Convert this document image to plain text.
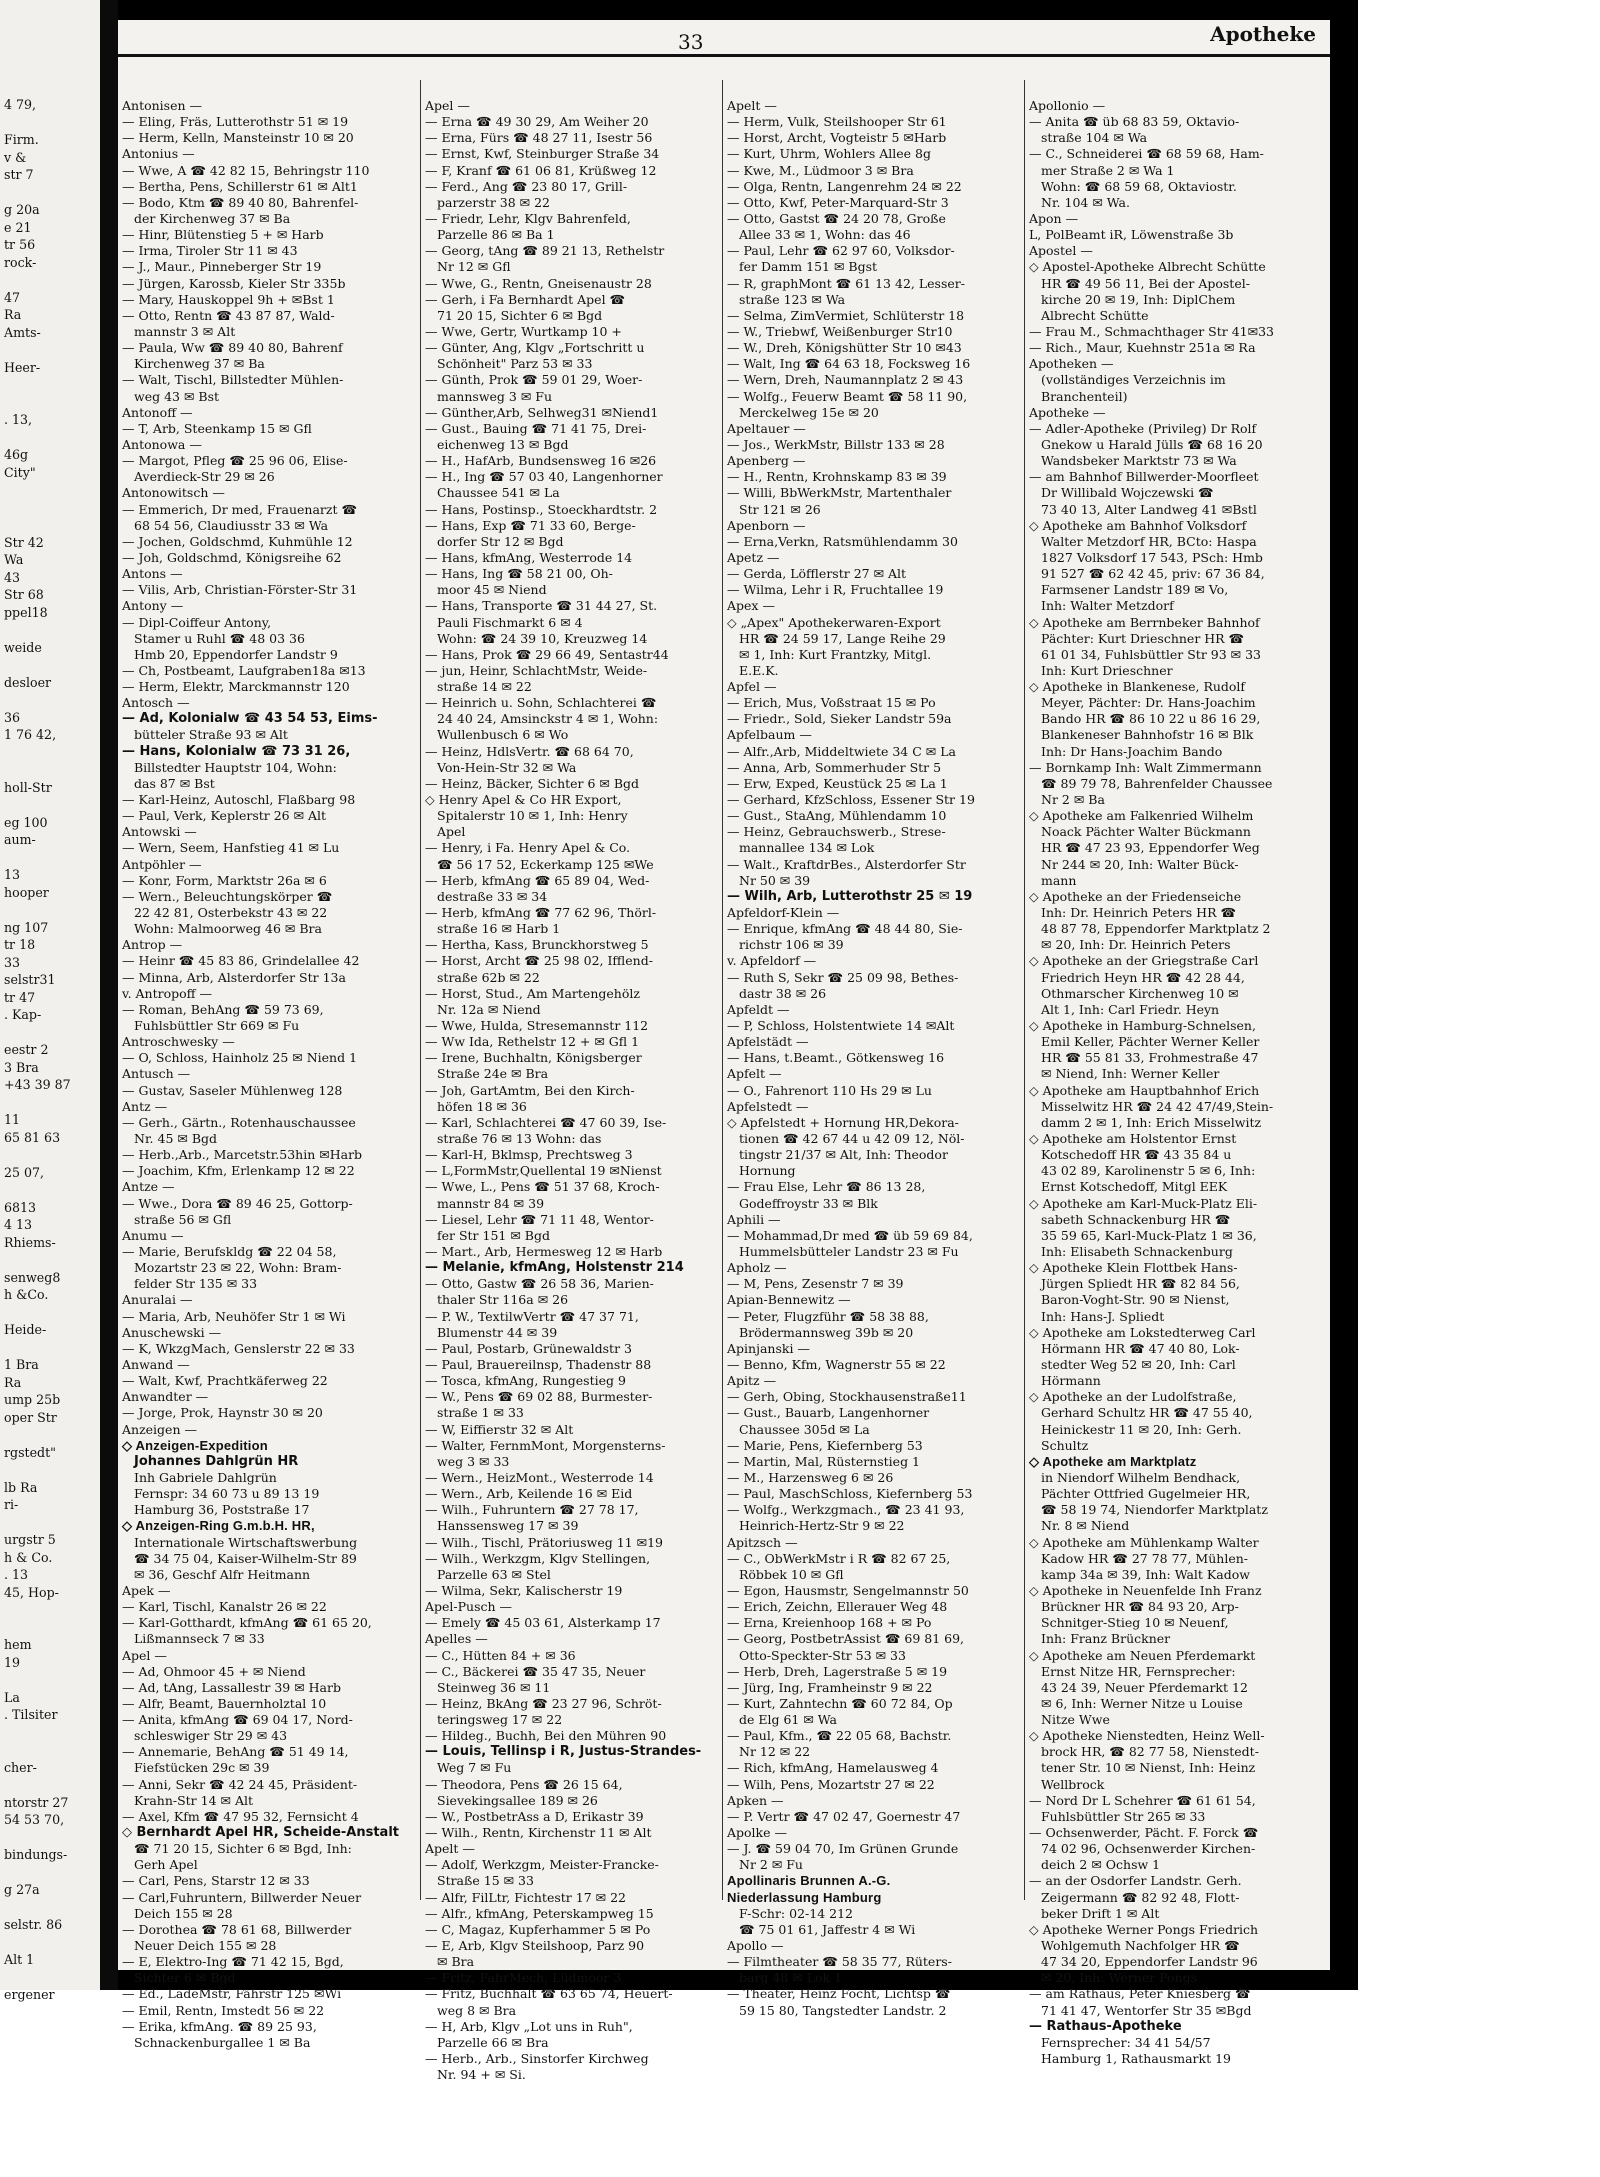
4 79,
Firm.
v &
str 7
g 20a
e 21
tr 56
rock-
47
Ra
Amts-
Heer-
. 13,
46g
City"
Str 42
Wa
43
Str 68
ppel18
weide
desloer
36
1 76 42,
holl-Str
eg 100
aum-
13
hooper
ng 107
tr 18
33
selstr31
tr 47
. Kap-
eestr 2
3 Bra
+43 39 87
11
65 81 63
25 07,
6813
4 13
Rhiems-
senweg8
h &Co.
Heide-
1 Bra
Ra
ump 25b
oper Str
rgstedt"
lb Ra
ri-
urgstr 5
h & Co.
. 13
45, Hop-
hem
19
La
. Tilsiter
cher-
ntorstr 27
54 53 70,
bindungs-
g 27a
selstr. 86
Alt 1
ergener
33	Apotheke
Antonisen —
— Eling, Fräs, Lutterothstr 51 ✉ 19
— Herm, Kelln, Mansteinstr 10 ✉ 20
Antonius —
— Wwe, A ☎ 42 82 15, Behringstr 110
— Bertha, Pens, Schillerstr 61 ✉ Alt1
— Bodo, Ktm ☎ 89 40 80, Bahrenfel-
der Kirchenweg 37 ✉ Ba
— Hinr, Blütenstieg 5 + ✉ Harb
— Irma, Tiroler Str 11 ✉ 43
— J., Maur., Pinneberger Str 19
— Jürgen, Karossb, Kieler Str 335b
— Mary, Hauskoppel 9h + ✉Bst 1
— Otto, Rentn ☎ 43 87 87, Wald-
mannstr 3 ✉ Alt
— Paula, Ww ☎ 89 40 80, Bahrenf
Kirchenweg 37 ✉ Ba
— Walt, Tischl, Billstedter Mühlen-
weg 43 ✉ Bst
Antonoff —
— T, Arb, Steenkamp 15 ✉ Gfl
Antonowa —
— Margot, Pfleg ☎ 25 96 06, Elise-
Averdieck-Str 29 ✉ 26
Antonowitsch —
— Emmerich, Dr med, Frauenarzt ☎
68 54 56, Claudiusstr 33 ✉ Wa
— Jochen, Goldschmd, Kuhmühle 12
— Joh, Goldschmd, Königsreihe 62
Antons —
— Vilis, Arb, Christian-Förster-Str 31
Antony —
— Dipl-Coiffeur Antony,
Stamer u Ruhl ☎ 48 03 36
Hmb 20, Eppendorfer Landstr 9
— Ch, Postbeamt, Laufgraben18a ✉13
— Herm, Elektr, Marckmannstr 120
Antosch —
— Ad, Kolonialw ☎ 43 54 53, Eims-
bütteler Straße 93 ✉ Alt
— Hans, Kolonialw ☎ 73 31 26,
Billstedter Hauptstr 104, Wohn:
das 87 ✉ Bst
— Karl-Heinz, Autoschl, Flaßbarg 98
— Paul, Verk, Keplerstr 26 ✉ Alt
Antowski —
— Wern, Seem, Hanfstieg 41 ✉ Lu
Antpöhler —
— Konr, Form, Marktstr 26a ✉ 6
— Wern., Beleuchtungskörper ☎
22 42 81, Osterbekstr 43 ✉ 22
Wohn: Malmoorweg 46 ✉ Bra
Antrop —
— Heinr ☎ 45 83 86, Grindelallee 42
— Minna, Arb, Alsterdorfer Str 13a
v. Antropoff —
— Roman, BehAng ☎ 59 73 69,
Fuhlsbüttler Str 669 ✉ Fu
Antroschwesky —
— O, Schloss, Hainholz 25 ✉ Niend 1
Antusch —
— Gustav, Saseler Mühlenweg 128
Antz —
— Gerh., Gärtn., Rotenhauschaussee
Nr. 45 ✉ Bgd
— Herb.,Arb., Marcetstr.53hin ✉Harb
— Joachim, Kfm, Erlenkamp 12 ✉ 22
Antze —
— Wwe., Dora ☎ 89 46 25, Gottorp-
straße 56 ✉ Gfl
Anumu —
— Marie, Berufskldg ☎ 22 04 58,
Mozartstr 23 ✉ 22, Wohn: Bram-
felder Str 135 ✉ 33
Anuralai —
— Maria, Arb, Neuhöfer Str 1 ✉ Wi
Anuschewski —
— K, WkzgMach, Genslerstr 22 ✉ 33
Anwand —
— Walt, Kwf, Prachtkäferweg 22
Anwandter —
— Jorge, Prok, Haynstr 30 ✉ 20
Anzeigen —
◇ Anzeigen-Expedition
Johannes Dahlgrün HR
Inh Gabriele Dahlgrün
Fernspr: 34 60 73 u 89 13 19
Hamburg 36, Poststraße 17
◇ Anzeigen-Ring G.m.b.H. HR,
Internationale Wirtschaftswerbung
☎ 34 75 04, Kaiser-Wilhelm-Str 89
✉ 36, Geschf Alfr Heitmann
Apek —
— Karl, Tischl, Kanalstr 26 ✉ 22
— Karl-Gotthardt, kfmAng ☎ 61 65 20,
Lißmannseck 7 ✉ 33
Apel —
— Ad, Ohmoor 45 + ✉ Niend
— Ad, tAng, Lassallestr 39 ✉ Harb
— Alfr, Beamt, Bauernholztal 10
— Anita, kfmAng ☎ 69 04 17, Nord-
schleswiger Str 29 ✉ 43
— Annemarie, BehAng ☎ 51 49 14,
Fiefstücken 29c ✉ 39
— Anni, Sekr ☎ 42 24 45, Präsident-
Krahn-Str 14 ✉ Alt
— Axel, Kfm ☎ 47 95 32, Fernsicht 4
◇ Bernhardt Apel HR, Scheide-Anstalt
☎ 71 20 15, Sichter 6 ✉ Bgd, Inh:
Gerh Apel
— Carl, Pens, Starstr 12 ✉ 33
— Carl,Fuhruntern, Billwerder Neuer
Deich 155 ✉ 28
— Dorothea ☎ 78 61 68, Billwerder
Neuer Deich 155 ✉ 28
— E, Elektro-Ing ☎ 71 42 15, Bgd,
Sichter 6 ✉ Bgd
— Ed., LadeMstr, Fährstr 125 ✉Wi
— Emil, Rentn, Imstedt 56 ✉ 22
— Erika, kfmAng. ☎ 89 25 93,
Schnackenburgallee 1 ✉ Ba
Apel —
— Erna ☎ 49 30 29, Am Weiher 20
— Erna, Fürs ☎ 48 27 11, Isestr 56
— Ernst, Kwf, Steinburger Straße 34
— F, Kranf ☎ 61 06 81, Krüßweg 12
— Ferd., Ang ☎ 23 80 17, Grill-
parzerstr 38 ✉ 22
— Friedr, Lehr, Klgv Bahrenfeld,
Parzelle 86 ✉ Ba 1
— Georg, tAng ☎ 89 21 13, Rethelstr
Nr 12 ✉ Gfl
— Wwe, G., Rentn, Gneisenaustr 28
— Gerh, i Fa Bernhardt Apel ☎
71 20 15, Sichter 6 ✉ Bgd
— Wwe, Gertr, Wurtkamp 10 +
— Günter, Ang, Klgv „Fortschritt u
Schönheit" Parz 53 ✉ 33
— Günth, Prok ☎ 59 01 29, Woer-
mannsweg 3 ✉ Fu
— Günther,Arb, Selhweg31 ✉Niend1
— Gust., Bauing ☎ 71 41 75, Drei-
eichenweg 13 ✉ Bgd
— H., HafArb, Bundsensweg 16 ✉26
— H., Ing ☎ 57 03 40, Langenhorner
Chaussee 541 ✉ La
— Hans, Postinsp., Stoeckhardtstr. 2
— Hans, Exp ☎ 71 33 60, Berge-
dorfer Str 12 ✉ Bgd
— Hans, kfmAng, Westerrode 14
— Hans, Ing ☎ 58 21 00, Oh-
moor 45 ✉ Niend
— Hans, Transporte ☎ 31 44 27, St.
Pauli Fischmarkt 6 ✉ 4
Wohn: ☎ 24 39 10, Kreuzweg 14
— Hans, Prok ☎ 29 66 49, Sentastr44
— jun, Heinr, SchlachtMstr, Weide-
straße 14 ✉ 22
— Heinrich u. Sohn, Schlachterei ☎
24 40 24, Amsinckstr 4 ✉ 1, Wohn:
Wullenbusch 6 ✉ Wo
— Heinz, HdlsVertr. ☎ 68 64 70,
Von-Hein-Str 32 ✉ Wa
— Heinz, Bäcker, Sichter 6 ✉ Bgd
◇ Henry Apel & Co HR Export,
Spitalerstr 10 ✉ 1, Inh: Henry
Apel
— Henry, i Fa. Henry Apel & Co.
☎ 56 17 52, Eckerkamp 125 ✉We
— Herb, kfmAng ☎ 65 89 04, Wed-
destraße 33 ✉ 34
— Herb, kfmAng ☎ 77 62 96, Thörl-
straße 16 ✉ Harb 1
— Hertha, Kass, Brunckhorstweg 5
— Horst, Archt ☎ 25 98 02, Ifflend-
straße 62b ✉ 22
— Horst, Stud., Am Martengehölz
Nr. 12a ✉ Niend
— Wwe, Hulda, Stresemannstr 112
— Ww Ida, Rethelstr 12 + ✉ Gfl 1
— Irene, Buchhaltn, Königsberger
Straße 24e ✉ Bra
— Joh, GartAmtm, Bei den Kirch-
höfen 18 ✉ 36
— Karl, Schlachterei ☎ 47 60 39, Ise-
straße 76 ✉ 13 Wohn: das
— Karl-H, Bklmsp, Prechtsweg 3
— L,FormMstr,Quellental 19 ✉Nienst
— Wwe, L., Pens ☎ 51 37 68, Kroch-
mannstr 84 ✉ 39
— Liesel, Lehr ☎ 71 11 48, Wentor-
fer Str 151 ✉ Bgd
— Mart., Arb, Hermesweg 12 ✉ Harb
— Melanie, kfmAng, Holstenstr 214
— Otto, Gastw ☎ 26 58 36, Marien-
thaler Str 116a ✉ 26
— P. W., TextilwVertr ☎ 47 37 71,
Blumenstr 44 ✉ 39
— Paul, Postarb, Grünewaldstr 3
— Paul, Brauereilnsp, Thadenstr 88
— Tosca, kfmAng, Rungestieg 9
— W., Pens ☎ 69 02 88, Burmester-
straße 1 ✉ 33
— W, Eiffierstr 32 ✉ Alt
— Walter, FernmMont, Morgensterns-
weg 3 ✉ 33
— Wern., HeizMont., Westerrode 14
— Wern., Arb, Keilende 16 ✉ Eid
— Wilh., Fuhruntern ☎ 27 78 17,
Hanssensweg 17 ✉ 39
— Wilh., Tischl, Prätoriusweg 11 ✉19
— Wilh., Werkzgm, Klgv Stellingen,
Parzelle 63 ✉ Stel
— Wilma, Sekr, Kalischerstr 19
Apel-Pusch —
— Emely ☎ 45 03 61, Alsterkamp 17
Apelles —
— C., Hütten 84 + ✉ 36
— C., Bäckerei ☎ 35 47 35, Neuer
Steinweg 36 ✉ 11
— Heinz, BkAng ☎ 23 27 96, Schröt-
teringsweg 17 ✉ 22
— Hildeg., Buchh, Bei den Mühren 90
— Louis, Tellinsp i R, Justus-Strandes-
Weg 7 ✉ Fu
— Theodora, Pens ☎ 26 15 64,
Sievekingsallee 189 ✉ 26
— W., PostbetrAss a D, Erikastr 39
— Wilh., Rentn, Kirchenstr 11 ✉ Alt
Apelt —
— Adolf, Werkzgm, Meister-Francke-
Straße 15 ✉ 33
— Alfr, FilLtr, Fichtestr 17 ✉ 22
— Alfr., kfmAng, Peterskampweg 15
— C, Magaz, Kupferhammer 5 ✉ Po
— E, Arb, Klgv Steilshoop, Parz 90
✉ Bra
— Fritz, FahrMech, Lüdmoor 3
— Fritz, Buchhalt ☎ 63 65 74, Heuert-
weg 8 ✉ Bra
— H, Arb, Klgv „Lot uns in Ruh",
Parzelle 66 ✉ Bra
— Herb., Arb., Sinstorfer Kirchweg
Nr. 94 + ✉ Si.
Apelt —
— Herm, Vulk, Steilshooper Str 61
— Horst, Archt, Vogteistr 5 ✉Harb
— Kurt, Uhrm, Wohlers Allee 8g
— Kwe, M., Lüdmoor 3 ✉ Bra
— Olga, Rentn, Langenrehm 24 ✉ 22
— Otto, Kwf, Peter-Marquard-Str 3
— Otto, Gastst ☎ 24 20 78, Große
Allee 33 ✉ 1, Wohn: das 46
— Paul, Lehr ☎ 62 97 60, Volksdor-
fer Damm 151 ✉ Bgst
— R, graphMont ☎ 61 13 42, Lesser-
straße 123 ✉ Wa
— Selma, ZimVermiet, Schlüterstr 18
— W., Triebwf, Weißenburger Str10
— W., Dreh, Königshütter Str 10 ✉43
— Walt, Ing ☎ 64 63 18, Focksweg 16
— Wern, Dreh, Naumannplatz 2 ✉ 43
— Wolfg., Feuerw Beamt ☎ 58 11 90,
Merckelweg 15e ✉ 20
Apeltauer —
— Jos., WerkMstr, Billstr 133 ✉ 28
Apenberg —
— H., Rentn, Krohnskamp 83 ✉ 39
— Willi, BbWerkMstr, Martenthaler
Str 121 ✉ 26
Apenborn —
— Erna,Verkn, Ratsmühlendamm 30
Apetz —
— Gerda, Löfflerstr 27 ✉ Alt
— Wilma, Lehr i R, Fruchtallee 19
Apex —
◇ „Apex" Apothekerwaren-Export
HR ☎ 24 59 17, Lange Reihe 29
✉ 1, Inh: Kurt Frantzky, Mitgl.
E.E.K.
Apfel —
— Erich, Mus, Voßstraat 15 ✉ Po
— Friedr., Sold, Sieker Landstr 59a
Apfelbaum —
— Alfr.,Arb, Middeltwiete 34 C ✉ La
— Anna, Arb, Sommerhuder Str 5
— Erw, Exped, Keustück 25 ✉ La 1
— Gerhard, KfzSchloss, Essener Str 19
— Gust., StaAng, Mühlendamm 10
— Heinz, Gebrauchswerb., Strese-
mannallee 134 ✉ Lok
— Walt., KraftdrBes., Alsterdorfer Str
Nr 50 ✉ 39
— Wilh, Arb, Lutterothstr 25 ✉ 19
Apfeldorf-Klein —
— Enrique, kfmAng ☎ 48 44 80, Sie-
richstr 106 ✉ 39
v. Apfeldorf —
— Ruth S, Sekr ☎ 25 09 98, Bethes-
dastr 38 ✉ 26
Apfeldt —
— P, Schloss, Holstentwiete 14 ✉Alt
Apfelstädt —
— Hans, t.Beamt., Götkensweg 16
Apfelt —
— O., Fahrenort 110 Hs 29 ✉ Lu
Apfelstedt —
◇ Apfelstedt + Hornung HR,Dekora-
tionen ☎ 42 67 44 u 42 09 12, Nöl-
tingstr 21/37 ✉ Alt, Inh: Theodor
Hornung
— Frau Else, Lehr ☎ 86 13 28,
Godeffroystr 33 ✉ Blk
Aphili —
— Mohammad,Dr med ☎ üb 59 69 84,
Hummelsbütteler Landstr 23 ✉ Fu
Apholz —
— M, Pens, Zesenstr 7 ✉ 39
Apian-Bennewitz —
— Peter, Flugzführ ☎ 58 38 88,
Brödermannsweg 39b ✉ 20
Apinjanski —
— Benno, Kfm, Wagnerstr 55 ✉ 22
Apitz —
— Gerh, Obing, Stockhausenstraße11
— Gust., Bauarb, Langenhorner
Chaussee 305d ✉ La
— Marie, Pens, Kiefernberg 53
— Martin, Mal, Rüsternstieg 1
— M., Harzensweg 6 ✉ 26
— Paul, MaschSchloss, Kiefernberg 53
— Wolfg., Werkzgmach., ☎ 23 41 93,
Heinrich-Hertz-Str 9 ✉ 22
Apitzsch —
— C., ObWerkMstr i R ☎ 82 67 25,
Röbbek 10 ✉ Gfl
— Egon, Hausmstr, Sengelmannstr 50
— Erich, Zeichn, Ellerauer Weg 48
— Erna, Kreienhoop 168 + ✉ Po
— Georg, PostbetrAssist ☎ 69 81 69,
Otto-Speckter-Str 53 ✉ 33
— Herb, Dreh, Lagerstraße 5 ✉ 19
— Jürg, Ing, Framheinstr 9 ✉ 22
— Kurt, Zahntechn ☎ 60 72 84, Op
de Elg 61 ✉ Wa
— Paul, Kfm., ☎ 22 05 68, Bachstr.
Nr 12 ✉ 22
— Rich, kfmAng, Hamelausweg 4
— Wilh, Pens, Mozartstr 27 ✉ 22
Apken —
— P. Vertr ☎ 47 02 47, Goernestr 47
Apolke —
— J. ☎ 59 04 70, Im Grünen Grunde
Nr 2 ✉ Fu
Apollinaris Brunnen A.-G.
Niederlassung Hamburg
F-Schr: 02-14 212
☎ 75 01 61, Jaffestr 4 ✉ Wi
Apollo —
— Filmtheater ☎ 58 35 77, Rüters-
barg 48 ✉ Lok 1
— Theater, Heinz Focht, Lichtsp ☎
59 15 80, Tangstedter Landstr. 2
Apollonio —
— Anita ☎ üb 68 83 59, Oktavio-
straße 104 ✉ Wa
— C., Schneiderei ☎ 68 59 68, Ham-
mer Straße 2 ✉ Wa 1
Wohn: ☎ 68 59 68, Oktaviostr.
Nr. 104 ✉ Wa.
Apon —
L, PolBeamt iR, Löwenstraße 3b
Apostel —
◇ Apostel-Apotheke Albrecht Schütte
HR ☎ 49 56 11, Bei der Apostel-
kirche 20 ✉ 19, Inh: DiplChem
Albrecht Schütte
— Frau M., Schmachthager Str 41✉33
— Rich., Maur, Kuehnstr 251a ✉ Ra
Apotheken —
(vollständiges Verzeichnis im
Branchenteil)
Apotheke —
— Adler-Apotheke (Privileg) Dr Rolf
Gnekow u Harald Jülls ☎ 68 16 20
Wandsbeker Marktstr 73 ✉ Wa
— am Bahnhof Billwerder-Moorfleet
Dr Willibald Wojczewski ☎
73 40 13, Alter Landweg 41 ✉Bstl
◇ Apotheke am Bahnhof Volksdorf
Walter Metzdorf HR, BCto: Haspa
1827 Volksdorf 17 543, PSch: Hmb
91 527 ☎ 62 42 45, priv: 67 36 84,
Farmsener Landstr 189 ✉ Vo,
Inh: Walter Metzdorf
◇ Apotheke am Berrnbeker Bahnhof
Pächter: Kurt Drieschner HR ☎
61 01 34, Fuhlsbüttler Str 93 ✉ 33
Inh: Kurt Drieschner
◇ Apotheke in Blankenese, Rudolf
Meyer, Pächter: Dr. Hans-Joachim
Bando HR ☎ 86 10 22 u 86 16 29,
Blankeneser Bahnhofstr 16 ✉ Blk
Inh: Dr Hans-Joachim Bando
— Bornkamp Inh: Walt Zimmermann
☎ 89 79 78, Bahrenfelder Chaussee
Nr 2 ✉ Ba
◇ Apotheke am Falkenried Wilhelm
Noack Pächter Walter Bückmann
HR ☎ 47 23 93, Eppendorfer Weg
Nr 244 ✉ 20, Inh: Walter Bück-
mann
◇ Apotheke an der Friedenseiche
Inh: Dr. Heinrich Peters HR ☎
48 87 78, Eppendorfer Marktplatz 2
✉ 20, Inh: Dr. Heinrich Peters
◇ Apotheke an der Griegstraße Carl
Friedrich Heyn HR ☎ 42 28 44,
Othmarscher Kirchenweg 10 ✉
Alt 1, Inh: Carl Friedr. Heyn
◇ Apotheke in Hamburg-Schnelsen,
Emil Keller, Pächter Werner Keller
HR ☎ 55 81 33, Frohmestraße 47
✉ Niend, Inh: Werner Keller
◇ Apotheke am Hauptbahnhof Erich
Misselwitz HR ☎ 24 42 47/49,Stein-
damm 2 ✉ 1, Inh: Erich Misselwitz
◇ Apotheke am Holstentor Ernst
Kotschedoff HR ☎ 43 35 84 u
43 02 89, Karolinenstr 5 ✉ 6, Inh:
Ernst Kotschedoff, Mitgl EEK
◇ Apotheke am Karl-Muck-Platz Eli-
sabeth Schnackenburg HR ☎
35 59 65, Karl-Muck-Platz 1 ✉ 36,
Inh: Elisabeth Schnackenburg
◇ Apotheke Klein Flottbek Hans-
Jürgen Spliedt HR ☎ 82 84 56,
Baron-Voght-Str. 90 ✉ Nienst,
Inh: Hans-J. Spliedt
◇ Apotheke am Lokstedterweg Carl
Hörmann HR ☎ 47 40 80, Lok-
stedter Weg 52 ✉ 20, Inh: Carl
Hörmann
◇ Apotheke an der Ludolfstraße,
Gerhard Schultz HR ☎ 47 55 40,
Heinickestr 11 ✉ 20, Inh: Gerh.
Schultz
◇ Apotheke am Marktplatz
in Niendorf Wilhelm Bendhack,
Pächter Ottfried Gugelmeier HR,
☎ 58 19 74, Niendorfer Marktplatz
Nr. 8 ✉ Niend
◇ Apotheke am Mühlenkamp Walter
Kadow HR ☎ 27 78 77, Mühlen-
kamp 34a ✉ 39, Inh: Walt Kadow
◇ Apotheke in Neuenfelde Inh Franz
Brückner HR ☎ 84 93 20, Arp-
Schnitger-Stieg 10 ✉ Neuenf,
Inh: Franz Brückner
◇ Apotheke am Neuen Pferdemarkt
Ernst Nitze HR, Fernsprecher:
43 24 39, Neuer Pferdemarkt 12
✉ 6, Inh: Werner Nitze u Louise
Nitze Wwe
◇ Apotheke Nienstedten, Heinz Well-
brock HR, ☎ 82 77 58, Nienstedt-
tener Str. 10 ✉ Nienst, Inh: Heinz
Wellbrock
— Nord Dr L Schehrer ☎ 61 61 54,
Fuhlsbüttler Str 265 ✉ 33
— Ochsenwerder, Pächt. F. Forck ☎
74 02 96, Ochsenwerder Kirchen-
deich 2 ✉ Ochsw 1
— an der Osdorfer Landstr. Gerh.
Zeigermann ☎ 82 92 48, Flott-
beker Drift 1 ✉ Alt
◇ Apotheke Werner Pongs Friedrich
Wohlgemuth Nachfolger HR ☎
47 34 20, Eppendorfer Landstr 96
✉ 20, Inh: Werner Pongs
— am Rathaus, Peter Kniesberg ☎
71 41 47, Wentorfer Str 35 ✉Bgd
— Rathaus-Apotheke
Fernsprecher: 34 41 54/57
Hamburg 1, Rathausmarkt 19
